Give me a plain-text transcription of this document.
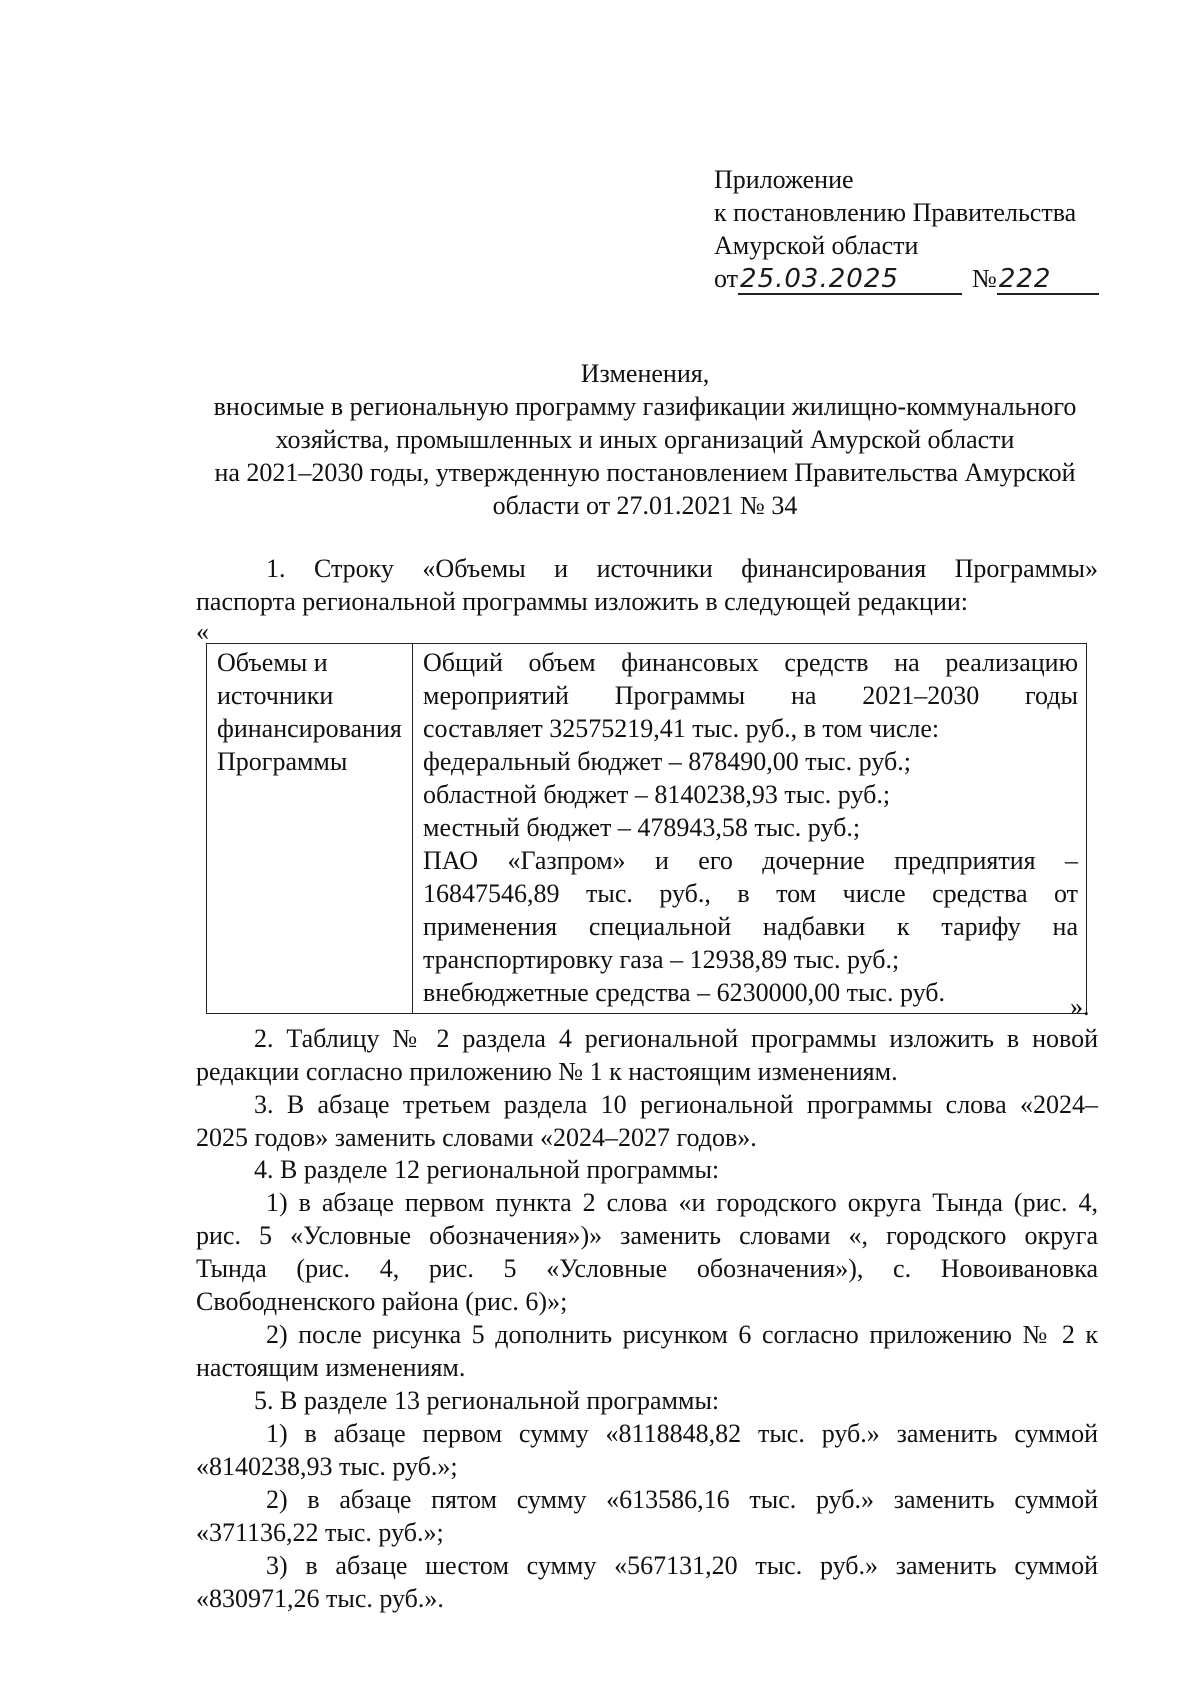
Приложение
к постановлению Правительства
Амурской области
от 25.03.2025	№ 222
Изменения,
вносимые в региональную программу газификации жилищно-коммунального
хозяйства, промышленных и иных организаций Амурской области
на 2021–2030 годы, утвержденную постановлением Правительства Амурской
области от 27.01.2021 № 34
1. Строку «Объемы и источники финансирования Программы»
паспорта региональной программы изложить в следующей редакции:
«
Объемы и
источники
финансирования
Программы

Общий объем финансовых средств на реализацию
мероприятий Программы на 2021–2030 годы
составляет 32575219,41 тыс. руб., в том числе:
федеральный бюджет – 878490,00 тыс. руб.;
областной бюджет – 8140238,93 тыс. руб.;
местный бюджет – 478943,58 тыс. руб.;
ПАО «Газпром» и его дочерние предприятия –
16847546,89 тыс. руб., в том числе средства от
применения специальной надбавки к тарифу на
транспортировку газа – 12938,89 тыс. руб.;
внебюджетные средства – 6230000,00 тыс. руб.	».
2. Таблицу № 2 раздела 4 региональной программы изложить в новой
редакции согласно приложению № 1 к настоящим изменениям.
3. В абзаце третьем раздела 10 региональной программы слова «2024–
2025 годов» заменить словами «2024–2027 годов».
4. В разделе 12 региональной программы:
1) в абзаце первом пункта 2 слова «и городского округа Тында (рис. 4,
рис. 5 «Условные обозначения»)» заменить словами «, городского округа
Тында (рис. 4, рис. 5 «Условные обозначения»), с. Новоивановка
Свободненского района (рис. 6)»;
2) после рисунка 5 дополнить рисунком 6 согласно приложению № 2 к
настоящим изменениям.
5. В разделе 13 региональной программы:
1) в абзаце первом сумму «8118848,82 тыс. руб.» заменить суммой
«8140238,93 тыс. руб.»;
2) в абзаце пятом сумму «613586,16 тыс. руб.» заменить суммой
«371136,22 тыс. руб.»;
3) в абзаце шестом сумму «567131,20 тыс. руб.» заменить суммой
«830971,26 тыс. руб.».
